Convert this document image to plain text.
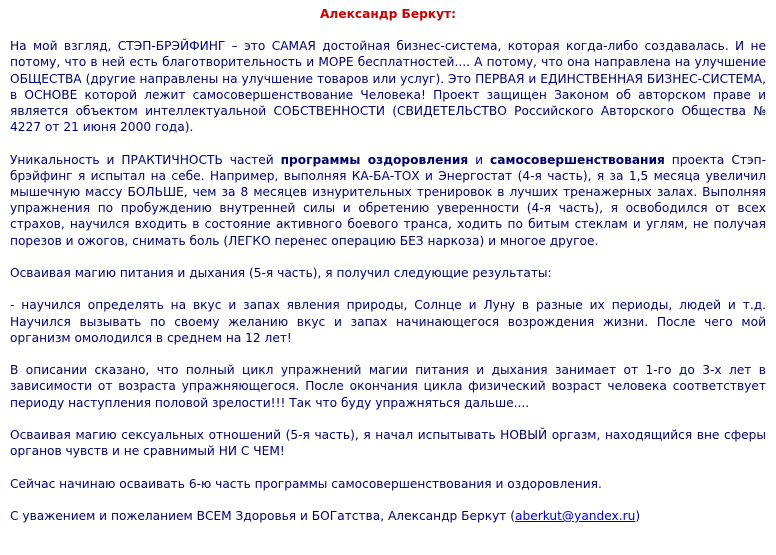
Александр Беркут:

На мой взгляд, СТЭП-БРЭЙФИНГ – это САМАЯ достойная бизнес-система, которая когда-либо создавалась. И не потому, что в ней есть благотворительность и МОРЕ бесплатностей.... А потому, что она направлена на улучшение ОБЩЕСТВА (другие направлены на улучшение товаров или услуг). Это ПЕРВАЯ и ЕДИНСТВЕННАЯ БИЗНЕС-СИСТЕМА, в ОСНОВЕ которой лежит самосовершенствование Человека! Проект защищен Законом об авторском праве и является объектом интеллектуальной СОБСТВЕННОСТИ (СВИДЕТЕЛЬСТВО Российского Авторского Общества № 4227 от 21 июня 2000 года).

Уникальность и ПРАКТИЧНОСТЬ частей программы оздоровления и самосовершенствования проекта Стэп-брэйфинг я испытал на себе. Например, выполняя КА-БА-ТОХ и Энергостат (4-я часть), я за 1,5 месяца увеличил мышечную массу БОЛЬШЕ, чем за 8 месяцев изнурительных тренировок в лучших тренажерных залах. Выполняя упражнения по пробуждению внутренней силы и обретению уверенности (4-я часть), я освободился от всех страхов, научился входить в состояние активного боевого транса, ходить по битым стеклам и углям, не получая порезов и ожогов, снимать боль (ЛЕГКО перенес операцию БЕЗ наркоза) и многое другое.

Осваивая магию питания и дыхания (5-я часть), я получил следующие результаты:

- научился определять на вкус и запах явления природы, Солнце и Луну в разные их периоды, людей и т.д. Научился вызывать по своему желанию вкус и запах начинающегося возрождения жизни. После чего мой организм омолодился в среднем на 12 лет!

В описании сказано, что полный цикл упражнений магии питания и дыхания занимает от 1-го до 3-х лет в зависимости от возраста упражняющегося. После окончания цикла физический возраст человека соответствует периоду наступления половой зрелости!!! Так что буду упражняться дальше....

Осваивая магию сексуальных отношений (5-я часть), я начал испытывать НОВЫЙ оргазм, находящийся вне сферы органов чувств и не сравнимый НИ С ЧЕМ!

Сейчас начинаю осваивать 6-ю часть программы самосовершенствования и оздоровления.

С уважением и пожеланием ВСЕМ Здоровья и БОГатства, Александр Беркут (aberkut@yandex.ru)
